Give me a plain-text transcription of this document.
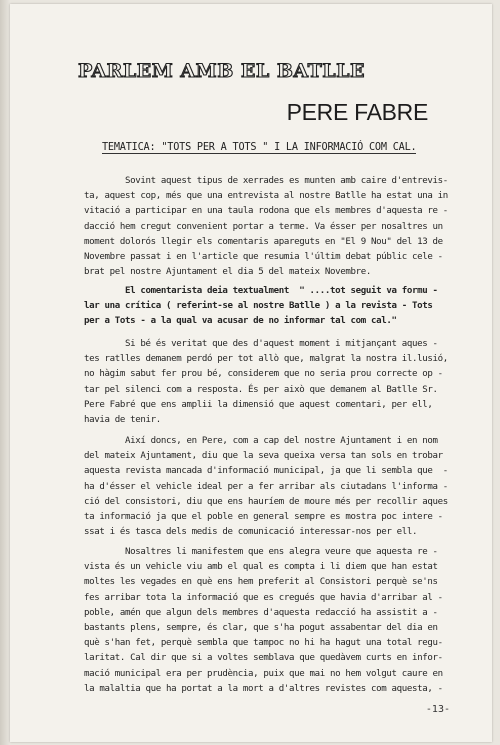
PARLEM AMB EL BATLLE
PERE FABRE
TEMATICA: "TOTS PER A TOTS " I LA INFORMACIÓ COM CAL.
Sovint aquest tipus de xerrades es munten amb caire d'entrevis-
ta, aquest cop, més que una entrevista al nostre Batlle ha estat una in
vitació a participar en una taula rodona que els membres d'aquesta re -
dacció hem cregut convenient portar a terme. Va ésser per nosaltres un
moment dolorós llegir els comentaris apareguts en "El 9 Nou" del 13 de
Novembre passat i en l'article que resumia l'últim debat públic cele -
brat pel nostre Ajuntament el dia 5 del mateix Novembre.
El comentarista deia textualment  " ....tot seguit va formu -
lar una crítica ( referint-se al nostre Batlle ) a la revista - Tots
per a Tots - a la qual va acusar de no informar tal com cal."
Si bé és veritat que des d'aquest moment i mitjançant aques -
tes ratlles demanem perdó per tot allò que, malgrat la nostra il.lusió,
no hàgim sabut fer prou bé, considerem que no seria prou correcte op -
tar pel silenci com a resposta. És per això que demanem al Batlle Sr.
Pere Fabré que ens amplii la dimensió que aquest comentari, per ell,
havia de tenir.
Així doncs, en Pere, com a cap del nostre Ajuntament i en nom
del mateix Ajuntament, diu que la seva queixa versa tan sols en trobar
aquesta revista mancada d'informació municipal, ja que li sembla que  -
ha d'ésser el vehicle ideal per a fer arribar als ciutadans l'informa -
ció del consistori, diu que ens hauríem de moure més per recollir aques
ta informació ja que el poble en general sempre es mostra poc intere -
ssat i és tasca dels medis de comunicació interessar-nos per ell.
Nosaltres li manifestem que ens alegra veure que aquesta re -
vista és un vehicle viu amb el qual es compta i li diem que han estat
moltes les vegades en què ens hem preferit al Consistori perquè se'ns
fes arribar tota la informació que es cregués que havia d'arribar al -
poble, amén que algun dels membres d'aquesta redacció ha assistit a -
bastants plens, sempre, és clar, que s'ha pogut assabentar del dia en
què s'han fet, perquè sembla que tampoc no hi ha hagut una total regu-
laritat. Cal dir que si a voltes semblava que quedàvem curts en infor-
mació municipal era per prudència, puix que mai no hem volgut caure en
la malaltia que ha portat a la mort a d'altres revistes com aquesta, -
-13-
